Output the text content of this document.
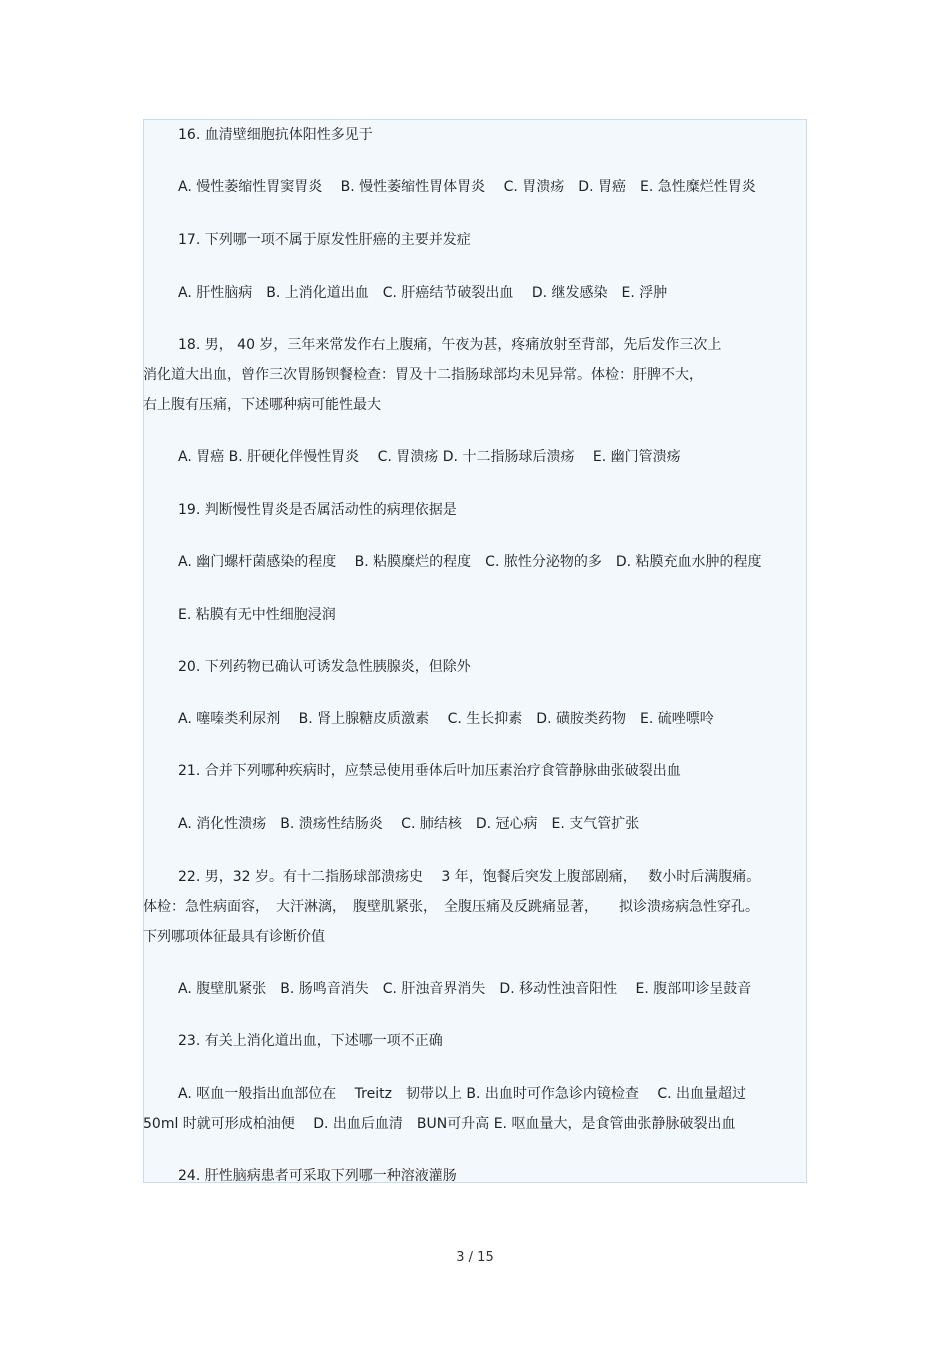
16. 血清壁细胞抗体阳性多见于
A. 慢性萎缩性胃窦胃炎　 B. 慢性萎缩性胃体胃炎　 C. 胃溃疡　D. 胃癌　E. 急性糜烂性胃炎
17. 下列哪一项不属于原发性肝癌的主要并发症
A. 肝性脑病　B. 上消化道出血　C. 肝癌结节破裂出血　 D. 继发感染　E. 浮肿
18. 男， 40 岁，三年来常发作右上腹痛，午夜为甚，疼痛放射至背部，先后发作三次上
消化道大出血，曾作三次胃肠钡餐检查：胃及十二指肠球部均未见异常。体检：肝脾不大，
右上腹有压痛，下述哪种病可能性最大
A. 胃癌 B. 肝硬化伴慢性胃炎　 C. 胃溃疡 D. 十二指肠球后溃疡　 E. 幽门管溃疡
19. 判断慢性胃炎是否属活动性的病理依据是
A. 幽门螺杆菌感染的程度　 B. 粘膜糜烂的程度　C. 脓性分泌物的多　D. 粘膜充血水肿的程度
E. 粘膜有无中性细胞浸润
20. 下列药物已确认可诱发急性胰腺炎，但除外
A. 噻嗪类利尿剂　 B. 肾上腺糖皮质激素　 C. 生长抑素　D. 磺胺类药物　E. 硫唑嘌呤
21. 合并下列哪种疾病时，应禁忌使用垂体后叶加压素治疗食管静脉曲张破裂出血
A. 消化性溃疡　B. 溃疡性结肠炎　 C. 肺结核　D. 冠心病　E. 支气管扩张
22. 男，32 岁。有十二指肠球部溃疡史　 3 年，饱餐后突发上腹部剧痛，　 数小时后满腹痛。
体检：急性病面容，　大汗淋漓，　腹壁肌紧张，　全腹压痛及反跳痛显著，　　拟诊溃疡病急性穿孔。
下列哪项体征最具有诊断价值
A. 腹壁肌紧张　B. 肠鸣音消失　C. 肝浊音界消失　D. 移动性浊音阳性　 E. 腹部叩诊呈鼓音
23. 有关上消化道出血，下述哪一项不正确
A. 呕血一般指出血部位在　 Treitz　韧带以上 B. 出血时可作急诊内镜检查　 C. 出血量超过
50ml 时就可形成柏油便　 D. 出血后血清　BUN可升高 E. 呕血量大，是食管曲张静脉破裂出血
24. 肝性脑病患者可采取下列哪一种溶液灌肠
3 / 15
